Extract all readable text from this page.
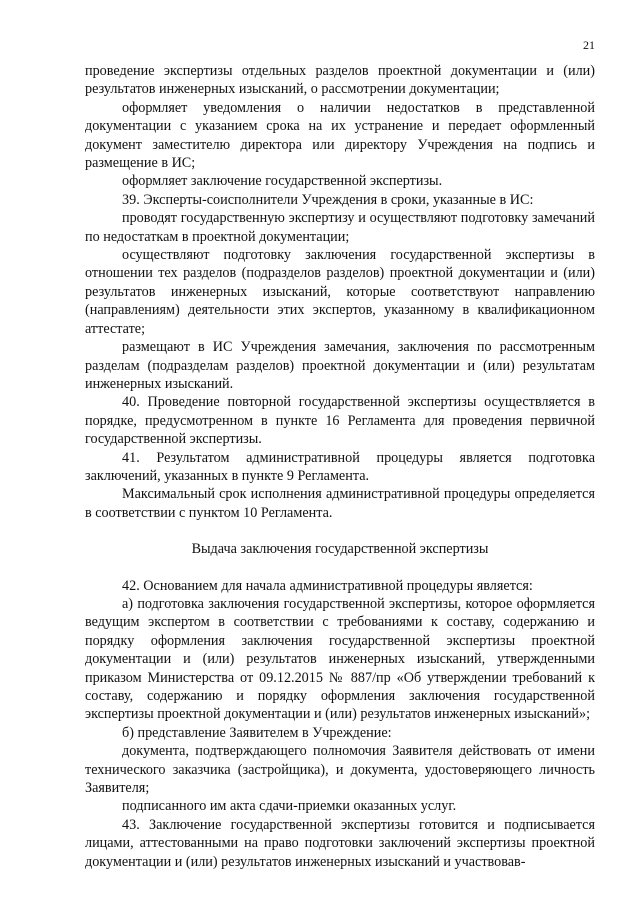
21

проведение экспертизы отдельных разделов проектной документации и (или) результатов инженерных изысканий, о рассмотрении документации;

оформляет уведомления о наличии недостатков в представленной документации с указанием срока на их устранение и передает оформленный документ заместителю директора или директору Учреждения на подпись и размещение в ИС;

оформляет заключение государственной экспертизы.

39. Эксперты-соисполнители Учреждения в сроки, указанные в ИС:

проводят государственную экспертизу и осуществляют подготовку замечаний по недостаткам в проектной документации;

осуществляют подготовку заключения государственной экспертизы в отношении тех разделов (подразделов разделов) проектной документации и (или) результатов инженерных изысканий, которые соответствуют направлению (направлениям) деятельности этих экспертов, указанному в квалификационном аттестате;

размещают в ИС Учреждения замечания, заключения по рассмотренным разделам (подразделам разделов) проектной документации и (или) результатам инженерных изысканий.

40. Проведение повторной государственной экспертизы осуществляется в порядке, предусмотренном в пункте 16 Регламента для проведения первичной государственной экспертизы.

41. Результатом административной процедуры является подготовка заключений, указанных в пункте 9 Регламента.

Максимальный срок исполнения административной процедуры определяется в соответствии с пунктом 10 Регламента.

Выдача заключения государственной экспертизы

42. Основанием для начала административной процедуры является:

а) подготовка заключения государственной экспертизы, которое оформляется ведущим экспертом в соответствии с требованиями к составу, содержанию и порядку оформления заключения государственной экспертизы проектной документации и (или) результатов инженерных изысканий, утвержденными приказом Министерства от 09.12.2015 № 887/пр «Об утверждении требований к составу, содержанию и порядку оформления заключения государственной экспертизы проектной документации и (или) результатов инженерных изысканий»;

б) представление Заявителем в Учреждение:

документа, подтверждающего полномочия Заявителя действовать от имени технического заказчика (застройщика), и документа, удостоверяющего личность Заявителя;

подписанного им акта сдачи-приемки оказанных услуг.

43. Заключение государственной экспертизы готовится и подписывается лицами, аттестованными на право подготовки заключений экспертизы проектной документации и (или) результатов инженерных изысканий и участвовав-
